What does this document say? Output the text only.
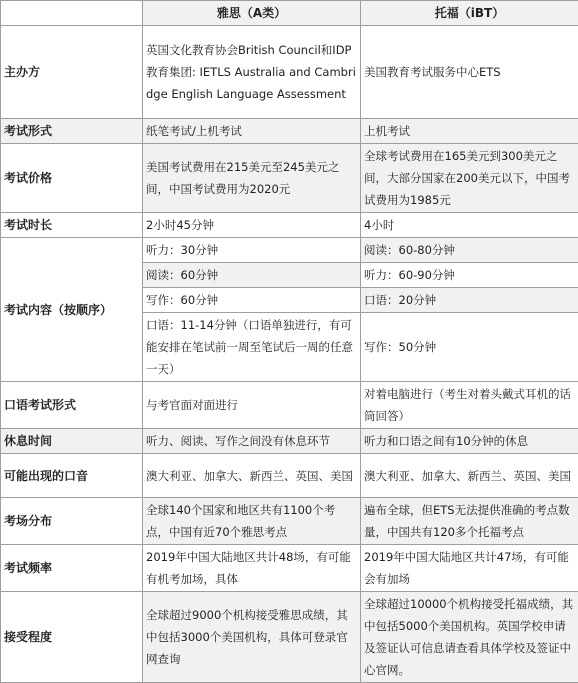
	雅思（A类）	托福（iBT）
主办方	英国文化教育协会British Council和IDP教育集团: IETLS Australia and Cambridge English Language Assessment	美国教育考试服务中心ETS
考试形式	纸笔考试/上机考试	上机考试
考试价格	美国考试费用在215美元至245美元之间，中国考试费用为2020元	全球考试费用在165美元到300美元之间，大部分国家在200美元以下，中国考试费用为1985元
考试时长	2小时45分钟	4小时
考试内容（按顺序）	听力：30分钟	阅读：60-80分钟
	阅读：60分钟	听力：60-90分钟
	写作：60分钟	口语：20分钟
	口语：11-14分钟（口语单独进行，有可能安排在笔试前一周至笔试后一周的任意一天）	写作：50分钟
口语考试形式	与考官面对面进行	对着电脑进行（考生对着头戴式耳机的话筒回答）
休息时间	听力、阅读、写作之间没有休息环节	听力和口语之间有10分钟的休息
可能出现的口音	澳大利亚、加拿大、新西兰、英国、美国	澳大利亚、加拿大、新西兰、英国、美国
考场分布	全球140个国家和地区共有1100个考点，中国有近70个雅思考点	遍布全球，但ETS无法提供准确的考点数量，中国共有120多个托福考点
考试频率	2019年中国大陆地区共计48场，有可能有机考加场，具体	2019年中国大陆地区共计47场，有可能会有加场
接受程度	全球超过9000个机构接受雅思成绩，其中包括3000个美国机构，具体可登录官网查询	全球超过10000个机构接受托福成绩，其中包括5000个美国机构。英国学校申请及签证认可信息请查看具体学校及签证中心官网。
